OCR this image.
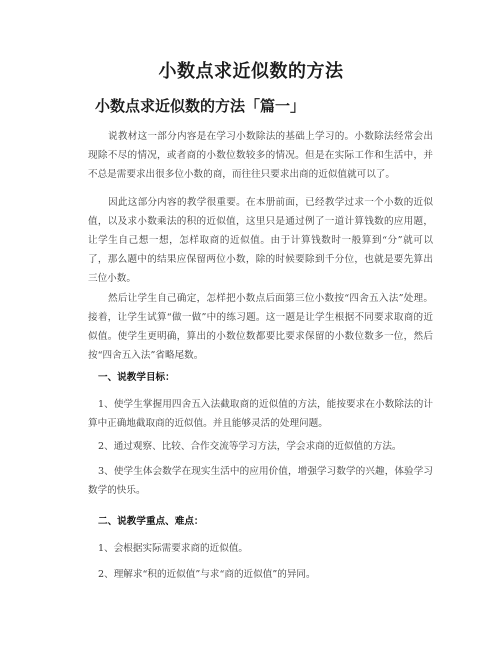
小数点求近似数的方法
小数点求近似数的方法「篇一」

说教材这一部分内容是在学习小数除法的基础上学习的。小数除法经常会出现除不尽的情况，或者商的小数位数较多的情况。但是在实际工作和生活中，并不总是需要求出很多位小数的商，而往往只要求出商的近似值就可以了。

因此这部分内容的教学很重要。在本册前面，已经教学过求一个小数的近似值，以及求小数乘法的积的近似值，这里只是通过例了一道计算钱数的应用题，让学生自己想一想，怎样取商的近似值。由于计算钱数时一般算到“分”就可以了，那么题中的结果应保留两位小数，除的时候要除到千分位，也就是要先算出三位小数。

然后让学生自己确定，怎样把小数点后面第三位小数按“四舍五入法”处理。接着，让学生试算“做一做”中的练习题。这一题是让学生根据不同要求取商的近似值。使学生更明确，算出的小数位数都要比要求保留的小数位数多一位，然后按“四舍五入法”省略尾数。

一、说教学目标：

1、使学生掌握用四舍五入法截取商的近似值的方法，能按要求在小数除法的计算中正确地截取商的近似值。并且能够灵活的处理问题。

2、通过观察、比较、合作交流等学习方法，学会求商的近似值的方法。

3、使学生体会数学在现实生活中的应用价值，增强学习数学的兴趣，体验学习数学的快乐。

二、说教学重点、难点：

1、会根据实际需要求商的近似值。

2、理解求“积的近似值”与求“商的近似值”的异同。
